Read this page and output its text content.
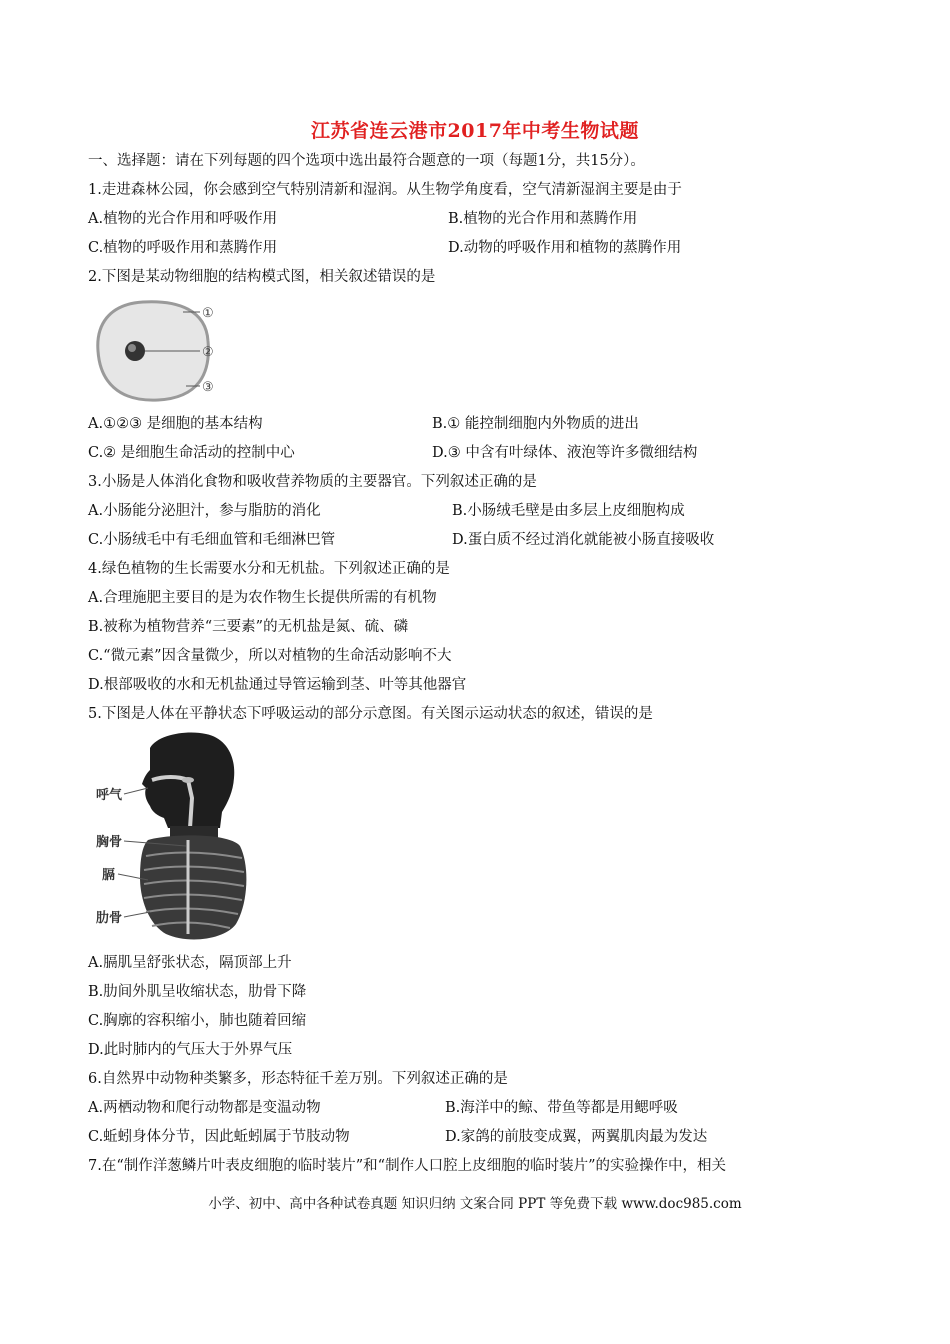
江苏省连云港市2017年中考生物试题
一、选择题：请在下列每题的四个选项中选出最符合题意的一项（每题1分，共15分）。
1.走进森林公园，你会感到空气特别清新和湿润。从生物学角度看，空气清新湿润主要是由于
A.植物的光合作用和呼吸作用	B.植物的光合作用和蒸腾作用
C.植物的呼吸作用和蒸腾作用	D.动物的呼吸作用和植物的蒸腾作用
2.下图是某动物细胞的结构模式图，相关叙述错误的是
①
②
③
A.①②③ 是细胞的基本结构	B.① 能控制细胞内外物质的进出
C.② 是细胞生命活动的控制中心	D.③ 中含有叶绿体、液泡等许多微细结构
3.小肠是人体消化食物和吸收营养物质的主要器官。下列叙述正确的是
A.小肠能分泌胆汁，参与脂肪的消化	B.小肠绒毛壁是由多层上皮细胞构成
C.小肠绒毛中有毛细血管和毛细淋巴管	D.蛋白质不经过消化就能被小肠直接吸收
4.绿色植物的生长需要水分和无机盐。下列叙述正确的是
A.合理施肥主要目的是为农作物生长提供所需的有机物
B.被称为植物营养“三要素”的无机盐是氮、硫、磷
C.“微元素”因含量微少，所以对植物的生命活动影响不大
D.根部吸收的水和无机盐通过导管运输到茎、叶等其他器官
5.下图是人体在平静状态下呼吸运动的部分示意图。有关图示运动状态的叙述，错误的是
呼气
胸骨
膈
肋骨
A.膈肌呈舒张状态，隔顶部上升
B.肋间外肌呈收缩状态，肋骨下降
C.胸廓的容积缩小，肺也随着回缩
D.此时肺内的气压大于外界气压
6.自然界中动物种类繁多，形态特征千差万别。下列叙述正确的是
A.两栖动物和爬行动物都是变温动物	B.海洋中的鲸、带鱼等都是用鳃呼吸
C.蚯蚓身体分节，因此蚯蚓属于节肢动物	D.家鸽的前肢变成翼，两翼肌肉最为发达
7.在“制作洋葱鳞片叶表皮细胞的临时装片”和“制作人口腔上皮细胞的临时装片”的实验操作中，相关
小学、初中、高中各种试卷真题 知识归纳 文案合同 PPT 等免费下载 www.doc985.com
